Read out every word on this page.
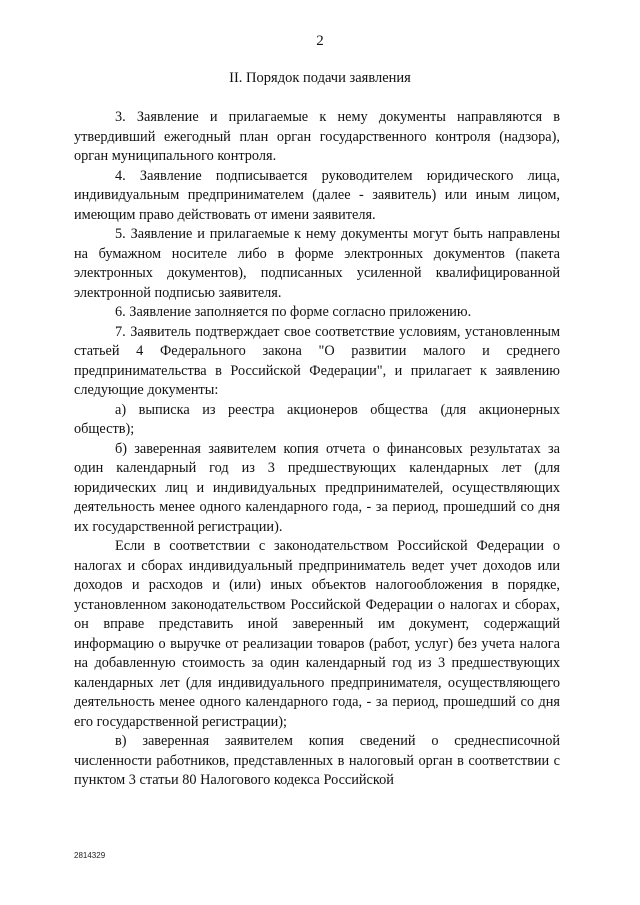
2
II. Порядок подачи заявления

3. Заявление и прилагаемые к нему документы направляются в утвердивший ежегодный план орган государственного контроля (надзора), орган муниципального контроля.

4. Заявление подписывается руководителем юридического лица, индивидуальным предпринимателем (далее - заявитель) или иным лицом, имеющим право действовать от имени заявителя.

5. Заявление и прилагаемые к нему документы могут быть направлены на бумажном носителе либо в форме электронных документов (пакета электронных документов), подписанных усиленной квалифицированной электронной подписью заявителя.

6. Заявление заполняется по форме согласно приложению.

7. Заявитель подтверждает свое соответствие условиям, установленным статьей 4 Федерального закона "О развитии малого и среднего предпринимательства в Российской Федерации", и прилагает к заявлению следующие документы:

а) выписка из реестра акционеров общества (для акционерных обществ);

б) заверенная заявителем копия отчета о финансовых результатах за один календарный год из 3 предшествующих календарных лет (для юридических лиц и индивидуальных предпринимателей, осуществляющих деятельность менее одного календарного года, - за период, прошедший со дня их государственной регистрации).

Если в соответствии с законодательством Российской Федерации о налогах и сборах индивидуальный предприниматель ведет учет доходов или доходов и расходов и (или) иных объектов налогообложения в порядке, установленном законодательством Российской Федерации о налогах и сборах, он вправе представить иной заверенный им документ, содержащий информацию о выручке от реализации товаров (работ, услуг) без учета налога на добавленную стоимость за один календарный год из 3 предшествующих календарных лет (для индивидуального предпринимателя, осуществляющего деятельность менее одного календарного года, - за период, прошедший со дня его государственной регистрации);

в) заверенная заявителем копия сведений о среднесписочной численности работников, представленных в налоговый орган в соответствии с пунктом 3 статьи 80 Налогового кодекса Российской

2814329
